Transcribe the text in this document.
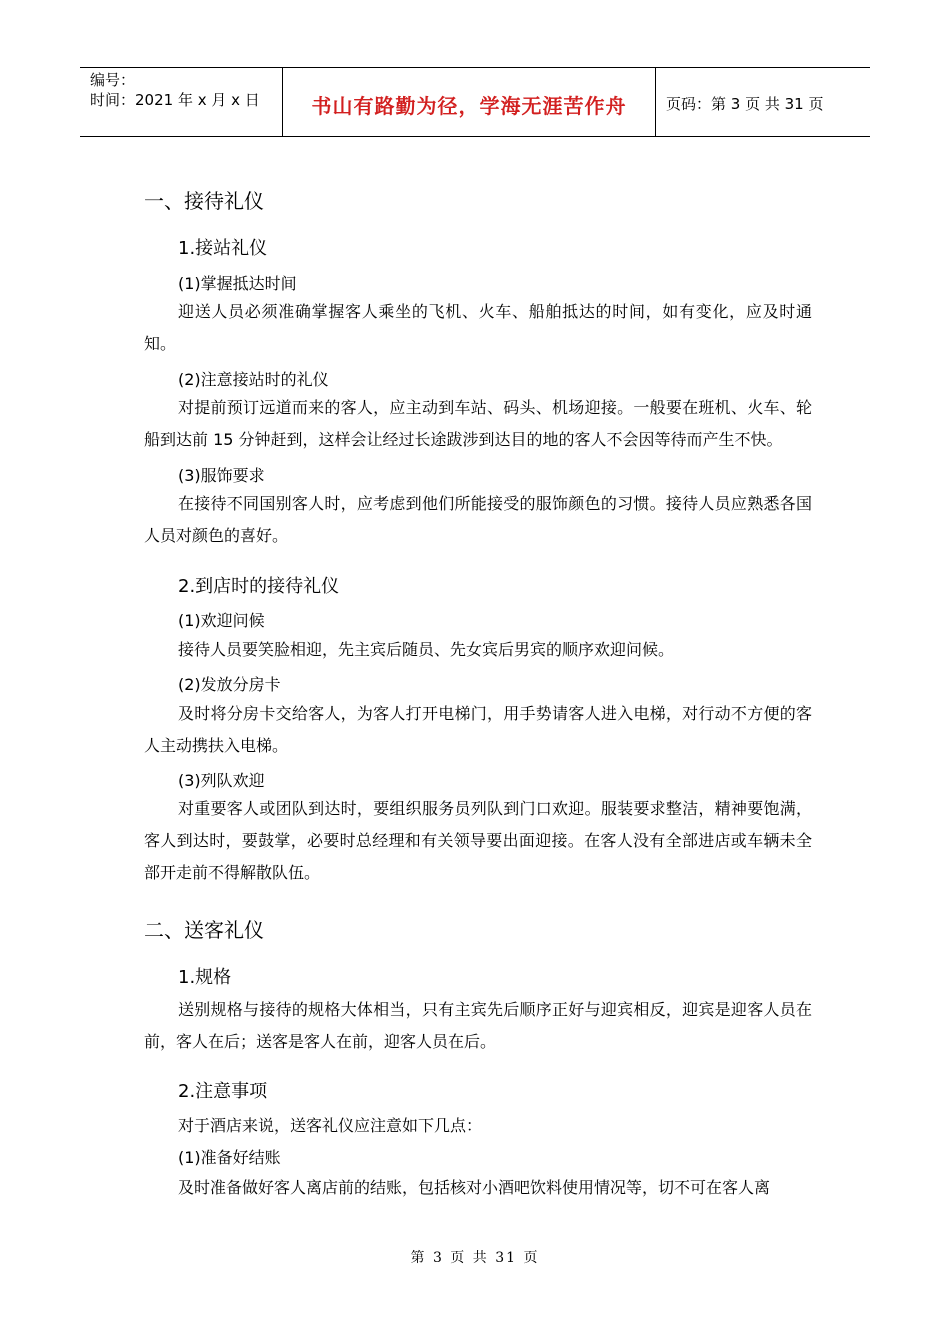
编号：
时间：2021 年 x 月 x 日	书山有路勤为径，学海无涯苦作舟	页码：第 3 页 共 31 页
一、接待礼仪
1.接站礼仪
(1)掌握抵达时间
迎送人员必须准确掌握客人乘坐的飞机、火车、船舶抵达的时间，如有变化，应及时通知。
(2)注意接站时的礼仪
对提前预订远道而来的客人，应主动到车站、码头、机场迎接。一般要在班机、火车、轮船到达前 15 分钟赶到，这样会让经过长途跋涉到达目的地的客人不会因等待而产生不快。
(3)服饰要求
在接待不同国别客人时，应考虑到他们所能接受的服饰颜色的习惯。接待人员应熟悉各国人员对颜色的喜好。
2.到店时的接待礼仪
(1)欢迎问候
接待人员要笑脸相迎，先主宾后随员、先女宾后男宾的顺序欢迎问候。
(2)发放分房卡
及时将分房卡交给客人，为客人打开电梯门，用手势请客人进入电梯，对行动不方便的客人主动携扶入电梯。
(3)列队欢迎
对重要客人或团队到达时，要组织服务员列队到门口欢迎。服装要求整洁，精神要饱满，客人到达时，要鼓掌，必要时总经理和有关领导要出面迎接。在客人没有全部进店或车辆未全部开走前不得解散队伍。
二、送客礼仪
1.规格
送别规格与接待的规格大体相当，只有主宾先后顺序正好与迎宾相反，迎宾是迎客人员在前，客人在后；送客是客人在前，迎客人员在后。
2.注意事项
对于酒店来说，送客礼仪应注意如下几点：
(1)准备好结账
及时准备做好客人离店前的结账，包括核对小酒吧饮料使用情况等，切不可在客人离
第 3 页 共 31 页
